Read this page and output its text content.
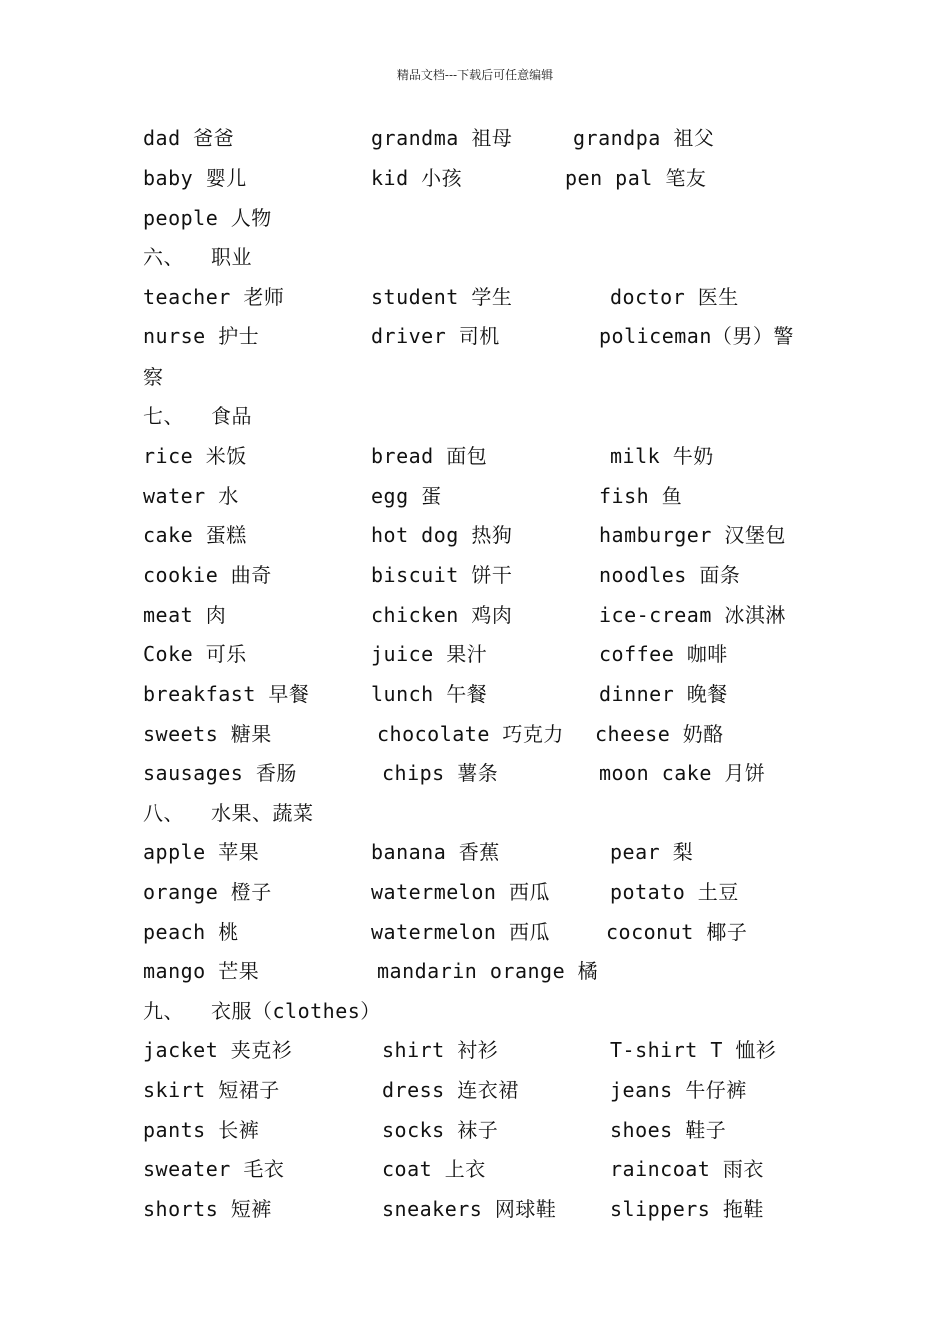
精品文档---下载后可任意编辑
dad 爸爸	grandma 祖母	grandpa 祖父
baby 婴儿	kid 小孩	pen pal 笔友
people 人物
六、 职业
teacher 老师	student 学生	doctor 医生
nurse 护士	driver 司机	policeman（男）警
察
七、 食品
rice 米饭	bread 面包	milk 牛奶
water 水	egg 蛋	fish 鱼
cake 蛋糕	hot dog 热狗	hamburger 汉堡包
cookie 曲奇	biscuit 饼干	noodles 面条
meat 肉	chicken 鸡肉	ice-cream 冰淇淋
Coke 可乐	juice 果汁	coffee 咖啡
breakfast 早餐	lunch 午餐	dinner 晚餐
sweets 糖果	chocolate 巧克力 cheese 奶酪
sausages 香肠	chips 薯条	moon cake 月饼
八、 水果、蔬菜
apple 苹果	banana 香蕉	pear 梨
orange 橙子	watermelon 西瓜	potato 土豆
peach 桃	watermelon 西瓜	coconut 椰子
mango 芒果	mandarin orange 橘
九、 衣服（clothes）
jacket 夹克衫	shirt 衬衫	T-shirt T 恤衫
skirt 短裙子	dress 连衣裙	jeans 牛仔裤
pants 长裤	socks 袜子	shoes 鞋子
sweater 毛衣	coat 上衣	raincoat 雨衣
shorts 短裤	sneakers 网球鞋	slippers 拖鞋
